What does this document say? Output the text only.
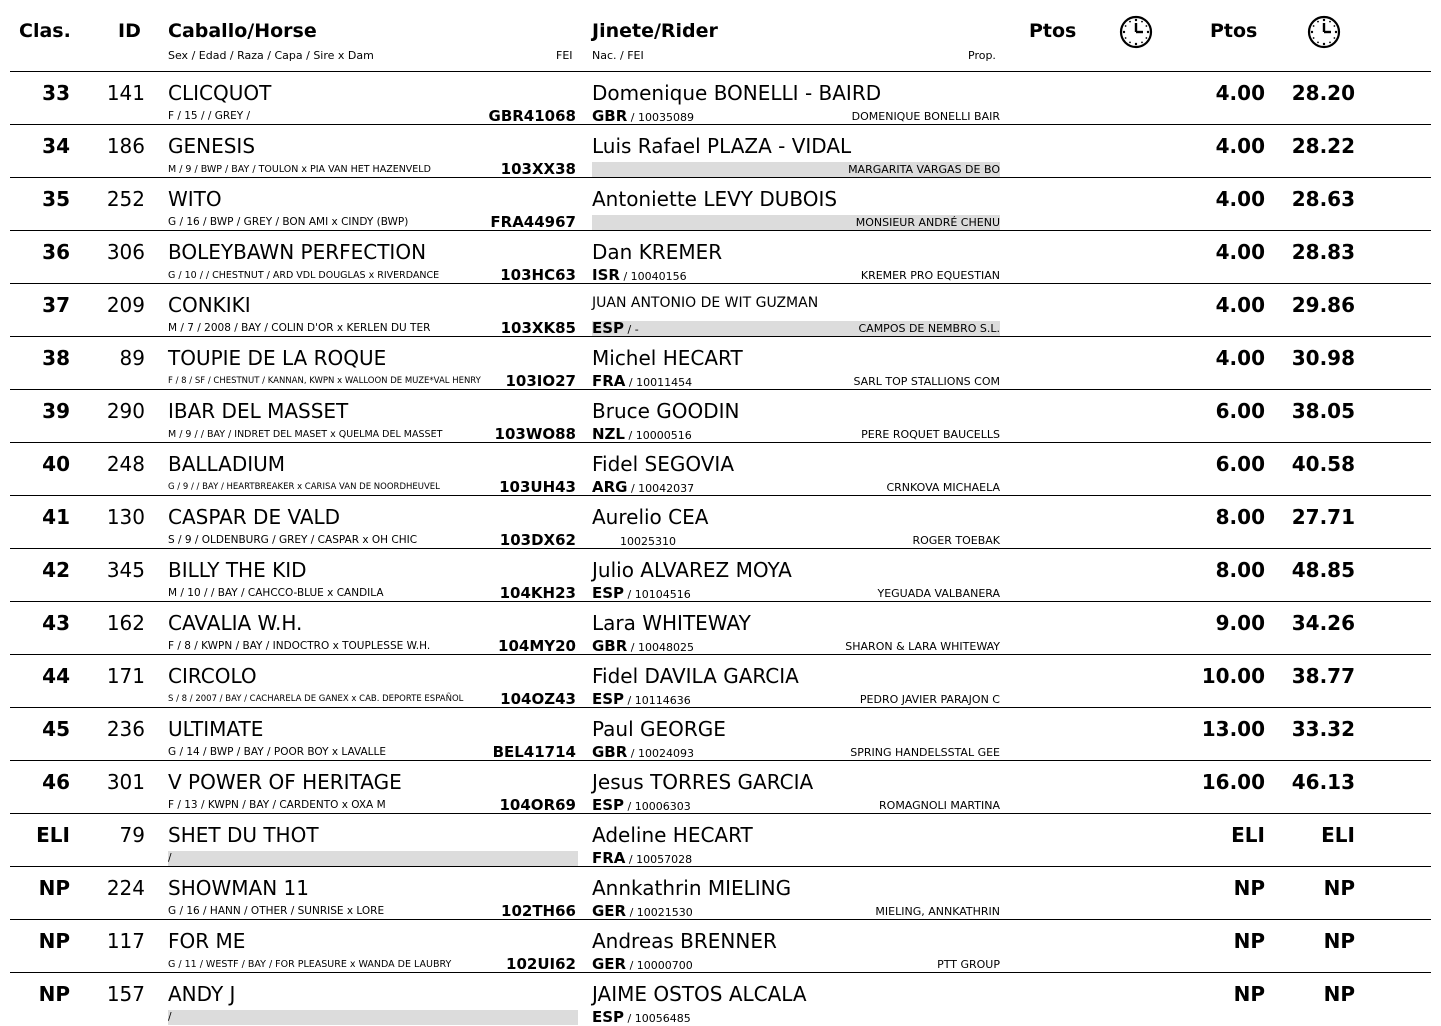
Clas. ID Caballo/Horse
Sex / Edad / Raza / Capa / Sire x Dam	FEI
Jinete/Rider
Nac. / FEI	Prop.
Ptos	Ptos
33	141 CLICQUOT
F / 15 / / GREY /	GBR41068
Domenique BONELLI - BAIRD
GBR / 10035089	DOMENIQUE BONELLI BAIR
4.00	28.20
34	186 GENESIS
M / 9 / BWP / BAY / TOULON x PIA VAN HET HAZENVELD	103XX38
Luis Rafael PLAZA - VIDAL
MARGARITA VARGAS DE BO
4.00	28.22
35	252 WITO
G / 16 / BWP / GREY / BON AMI x CINDY (BWP)	FRA44967
Antoniette LEVY DUBOIS
MONSIEUR ANDRÉ CHENU
4.00	28.63
36	306 BOLEYBAWN PERFECTION
G / 10 / / CHESTNUT / ARD VDL DOUGLAS x RIVERDANCE	103HC63
Dan KREMER
ISR / 10040156	KREMER PRO EQUESTIAN
4.00	28.83
37	209 CONKIKI
M / 7 / 2008 / BAY / COLIN D'OR x KERLEN DU TER	103XK85
JUAN ANTONIO DE WIT GUZMAN
ESP / -	CAMPOS DE NEMBRO S.L.
4.00	29.86
38	89 TOUPIE DE LA ROQUE
F / 8 / SF / CHESTNUT / KANNAN, KWPN x WALLOON DE MUZE*VAL HENRY 103IO27
Michel HECART
FRA / 10011454	SARL TOP STALLIONS COM
4.00	30.98
39	290 IBAR DEL MASSET
M / 9 / / BAY / INDRET DEL MASET x QUELMA DEL MASSET	103WO88
Bruce GOODIN
NZL / 10000516	PERE ROQUET BAUCELLS
6.00	38.05
40	248 BALLADIUM
G / 9 / / BAY / HEARTBREAKER x CARISA VAN DE NOORDHEUVEL	103UH43
Fidel SEGOVIA
ARG / 10042037	CRNKOVA MICHAELA
6.00	40.58
41	130 CASPAR DE VALD
S / 9 / OLDENBURG / GREY / CASPAR x OH CHIC	103DX62
Aurelio CEA
10025310	ROGER TOEBAK
8.00	27.71
42	345 BILLY THE KID
M / 10 / / BAY / CAHCCO-BLUE x CANDILA	104KH23
Julio ALVAREZ MOYA
ESP / 10104516	YEGUADA VALBANERA
8.00	48.85
43	162 CAVALIA W.H.
F / 8 / KWPN / BAY / INDOCTRO x TOUPLESSE W.H.	104MY20
Lara WHITEWAY
GBR / 10048025	SHARON & LARA WHITEWAY
9.00	34.26
44	171 CIRCOLO
S / 8 / 2007 / BAY / CACHARELA DE GANEX x CAB. DEPORTE ESPAÑOL 104OZ43
Fidel DAVILA GARCIA
ESP / 10114636	PEDRO JAVIER PARAJON C
10.00	38.77
45	236 ULTIMATE
G / 14 / BWP / BAY / POOR BOY x LAVALLE	BEL41714
Paul GEORGE
GBR / 10024093	SPRING HANDELSSTAL GEE
13.00	33.32
46	301 V POWER OF HERITAGE
F / 13 / KWPN / BAY / CARDENTO x OXA M	104OR69
Jesus TORRES GARCIA
ESP / 10006303	ROMAGNOLI MARTINA
16.00	46.13
ELI	79 SHET DU THOT
/
Adeline HECART
FRA / 10057028
ELI	ELI
NP	224 SHOWMAN 11
G / 16 / HANN / OTHER / SUNRISE x LORE	102TH66
Annkathrin MIELING
GER / 10021530	MIELING, ANNKATHRIN
NP	NP
NP	117 FOR ME
G / 11 / WESTF / BAY / FOR PLEASURE x WANDA DE LAUBRY	102UI62
Andreas BRENNER
GER / 10000700	PTT GROUP
NP	NP
NP	157 ANDY J
/
JAIME OSTOS ALCALA
ESP / 10056485
NP	NP
